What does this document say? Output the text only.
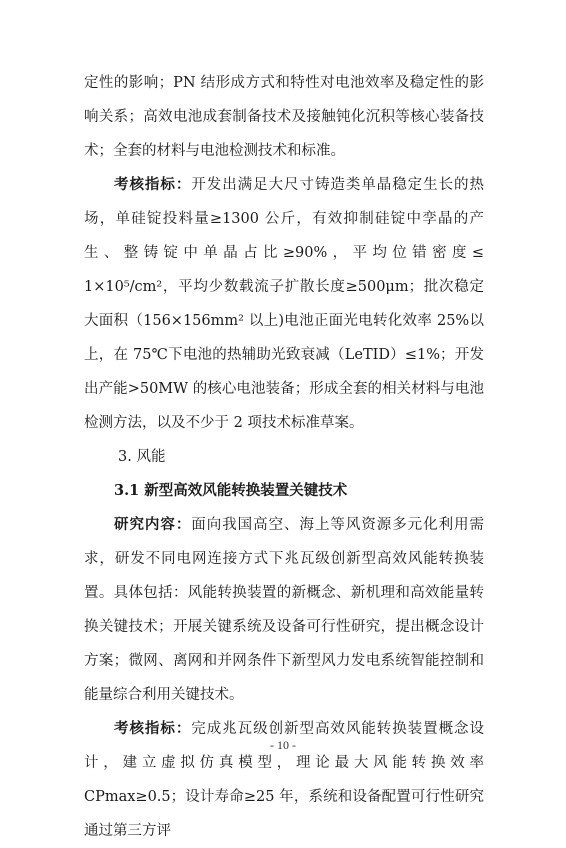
定性的影响；PN 结形成方式和特性对电池效率及稳定性的影响关系；高效电池成套制备技术及接触钝化沉积等核心装备技术；全套的材料与电池检测技术和标准。

考核指标：开发出满足大尺寸铸造类单晶稳定生长的热场，单硅锭投料量≥1300 公斤，有效抑制硅锭中孪晶的产生、整铸锭中单晶占比≥90%，平均位错密度≤ 1×10⁵/cm²，平均少数载流子扩散长度≥500μm；批次稳定大面积（156×156mm² 以上)电池正面光电转化效率 25%以上，在 75℃下电池的热辅助光致衰减（LeTID）≤1%；开发出产能>50MW 的核心电池装备；形成全套的相关材料与电池检测方法，以及不少于 2 项技术标准草案。

3. 风能
3.1 新型高效风能转换装置关键技术

研究内容：面向我国高空、海上等风资源多元化利用需求，研发不同电网连接方式下兆瓦级创新型高效风能转换装置。具体包括：风能转换装置的新概念、新机理和高效能量转换关键技术；开展关键系统及设备可行性研究，提出概念设计方案；微网、离网和并网条件下新型风力发电系统智能控制和能量综合利用关键技术。

考核指标：完成兆瓦级创新型高效风能转换装置概念设计，建立虚拟仿真模型，理论最大风能转换效率 CPmax≥0.5；设计寿命≥25 年，系统和设备配置可行性研究通过第三方评

- 10 -
